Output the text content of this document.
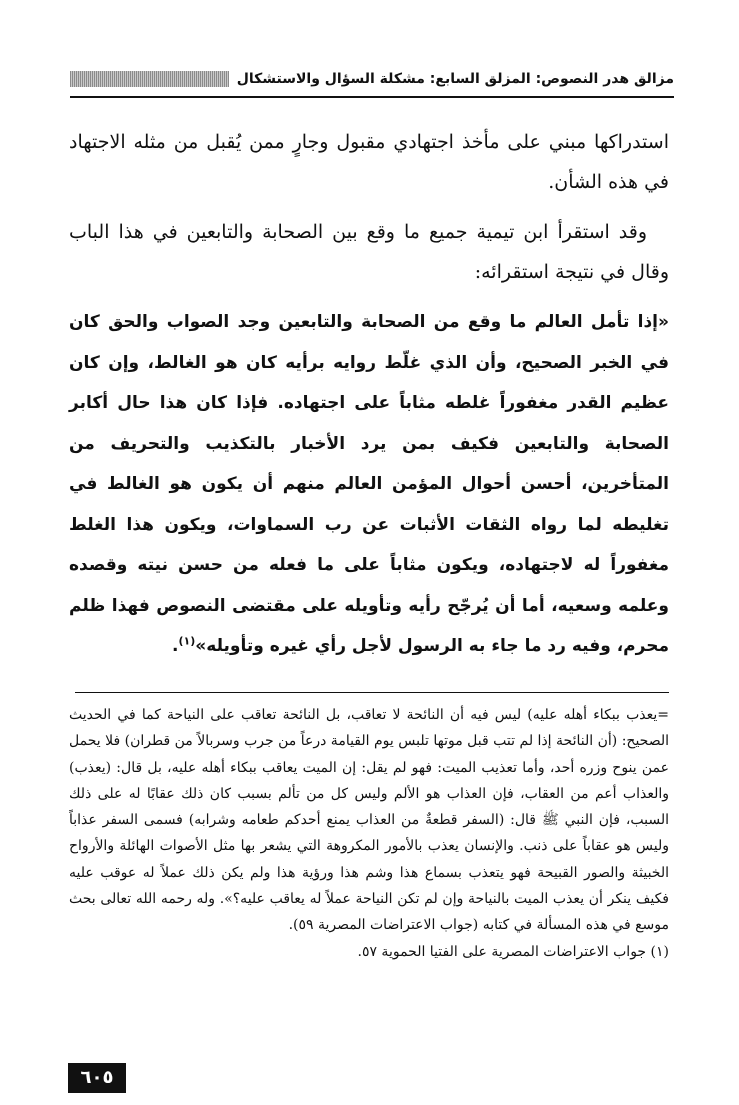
مزالق هدر النصوص: المزلق السابع: مشكلة السؤال والاستشكال

استدراكها مبني على مأخذ اجتهادي مقبول وجارٍ ممن يُقبل من مثله الاجتهاد في هذه الشأن.

وقد استقرأ ابن تيمية جميع ما وقع بين الصحابة والتابعين في هذا الباب وقال في نتيجة استقرائه:

«إذا تأمل العالم ما وقع من الصحابة والتابعين وجد الصواب والحق كان في الخبر الصحيح، وأن الذي غلّط روايه برأيه كان هو الغالط، وإن كان عظيم القدر مغفوراً غلطه مثاباً على اجتهاده. فإذا كان هذا حال أكابر الصحابة والتابعين فكيف بمن يرد الأخبار بالتكذيب والتحريف من المتأخرين، أحسن أحوال المؤمن العالم منهم أن يكون هو الغالط في تغليطه لما رواه الثقات الأثبات عن رب السماوات، ويكون هذا الغلط مغفوراً له لاجتهاده، ويكون مثاباً على ما فعله من حسن نيته وقصده وعلمه وسعيه، أما أن يُرجّح رأيه وتأويله على مقتضى النصوص فهذا ظلم محرم، وفيه رد ما جاء به الرسول لأجل رأي غيره وتأويله»$^{(١)}$.

=يعذب ببكاء أهله عليه) ليس فيه أن النائحة لا تعاقب، بل النائحة تعاقب على النياحة كما في الحديث الصحيح: (أن النائحة إذا لم تتب قبل موتها تلبس يوم القيامة درعاً من جرب وسربالاً من قطران) فلا يحمل عمن ينوح وزره أحد، وأما تعذيب الميت: فهو لم يقل: إن الميت يعاقب ببكاء أهله عليه، بل قال: (يعذب) والعذاب أعم من العقاب، فإن العذاب هو الألم وليس كل من تألم بسبب كان ذلك عقابًا له على ذلك السبب، فإن النبي ﷺ قال: (السفر قطعةٌ من العذاب يمنع أحدكم طعامه وشرابه) فسمى السفر عذاباً وليس هو عقاباً على ذنب. والإنسان يعذب بالأمور المكروهة التي يشعر بها مثل الأصوات الهائلة والأرواح الخبيثة والصور القبيحة فهو يتعذب بسماع هذا وشم هذا ورؤية هذا ولم يكن ذلك عملاً له عوقب عليه فكيف ينكر أن يعذب الميت بالنياحة وإن لم تكن النياحة عملاً له يعاقب عليه؟». وله رحمه الله تعالى بحث موسع في هذه المسألة في كتابه (جواب الاعتراضات المصرية ٥٩).

(١) جواب الاعتراضات المصرية على الفتيا الحموية ٥٧.

٦٠٥
